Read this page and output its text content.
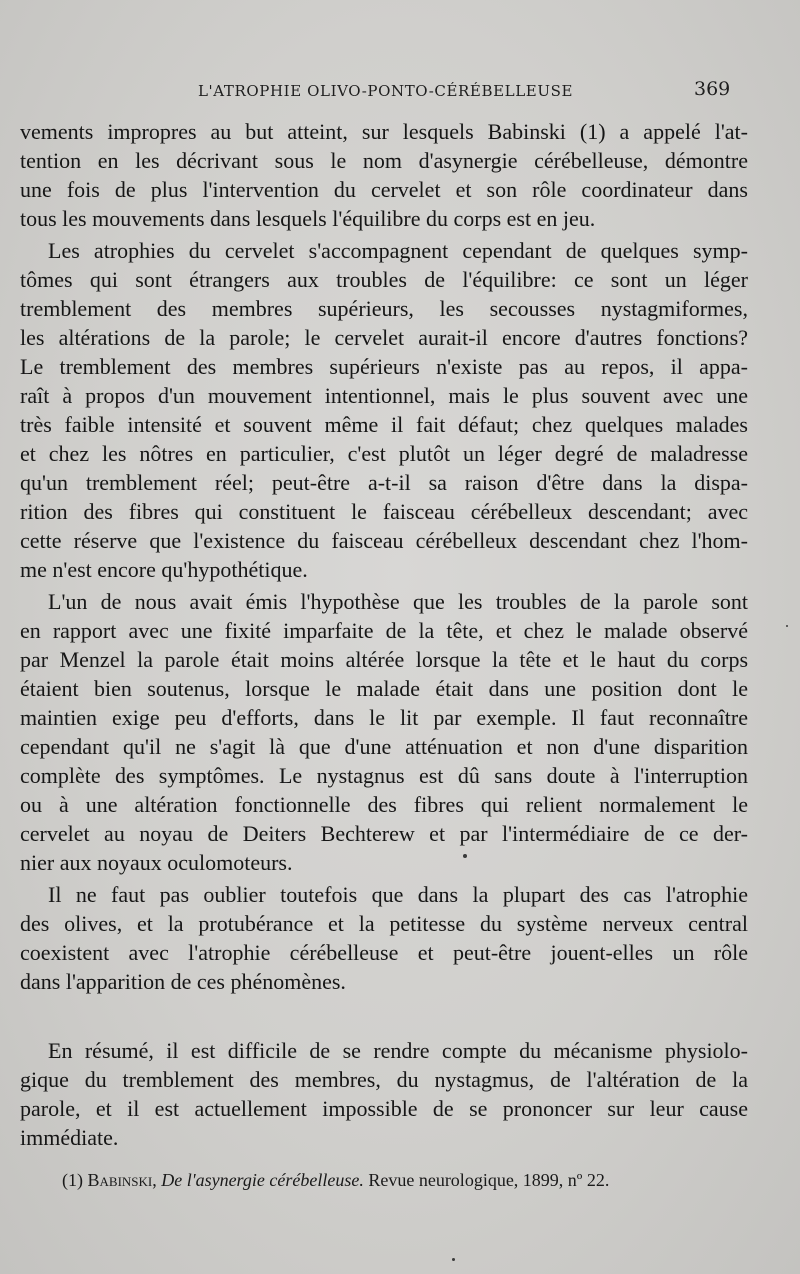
L'ATROPHIE OLIVO-PONTO-CÉRÉBELLEUSE	369
vements impropres au but atteint, sur lesquels Babinski (1) a appelé l'at-
tention en les décrivant sous le nom d'asynergie cérébelleuse, démontre
une fois de plus l'intervention du cervelet et son rôle coordinateur dans
tous les mouvements dans lesquels l'équilibre du corps est en jeu.
Les atrophies du cervelet s'accompagnent cependant de quelques symp-
tômes qui sont étrangers aux troubles de l'équilibre: ce sont un léger
tremblement des membres supérieurs, les secousses nystagmiformes,
les altérations de la parole; le cervelet aurait-il encore d'autres fonctions?
Le tremblement des membres supérieurs n'existe pas au repos, il appa-
raît à propos d'un mouvement intentionnel, mais le plus souvent avec une
très faible intensité et souvent même il fait défaut; chez quelques malades
et chez les nôtres en particulier, c'est plutôt un léger degré de maladresse
qu'un tremblement réel; peut-être a-t-il sa raison d'être dans la dispa-
rition des fibres qui constituent le faisceau cérébelleux descendant; avec
cette réserve que l'existence du faisceau cérébelleux descendant chez l'hom-
me n'est encore qu'hypothétique.
L'un de nous avait émis l'hypothèse que les troubles de la parole sont
en rapport avec une fixité imparfaite de la tête, et chez le malade observé
par Menzel la parole était moins altérée lorsque la tête et le haut du corps
étaient bien soutenus, lorsque le malade était dans une position dont le
maintien exige peu d'efforts, dans le lit par exemple. Il faut reconnaître
cependant qu'il ne s'agit là que d'une atténuation et non d'une disparition
complète des symptômes. Le nystagnus est dû sans doute à l'interruption
ou à une altération fonctionnelle des fibres qui relient normalement le
cervelet au noyau de Deiters Bechterew et par l'intermédiaire de ce der-
nier aux noyaux oculomoteurs.
Il ne faut pas oublier toutefois que dans la plupart des cas l'atrophie
des olives, et la protubérance et la petitesse du système nerveux central
coexistent avec l'atrophie cérébelleuse et peut-être jouent-elles un rôle
dans l'apparition de ces phénomènes.
En résumé, il est difficile de se rendre compte du mécanisme physiolo-
gique du tremblement des membres, du nystagmus, de l'altération de la
parole, et il est actuellement impossible de se prononcer sur leur cause
immédiate.
(1) Babinski, De l'asynergie cérébelleuse. Revue neurologique, 1899, nº 22.
